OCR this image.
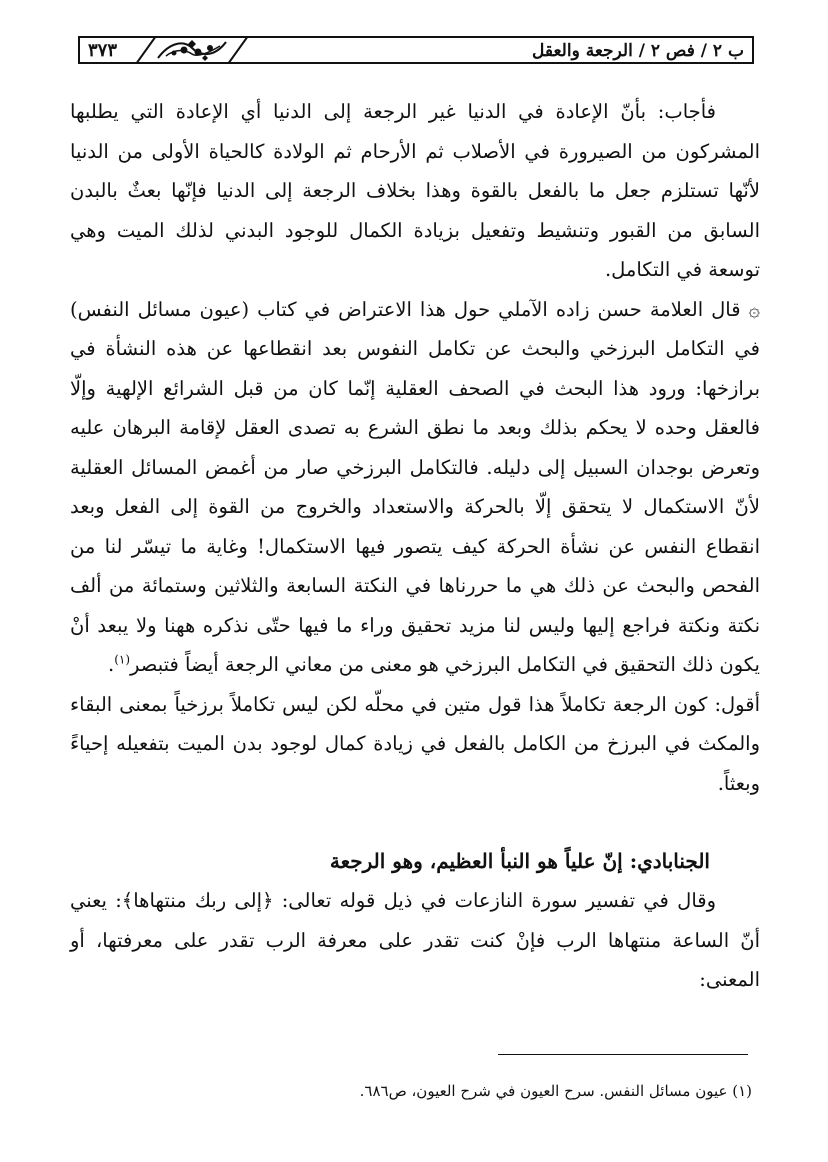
ب ٢ / فص ٢ / الرجعة والعقل
٣٧٣

فأجاب: بأنّ الإعادة في الدنيا غير الرجعة إلى الدنيا أي الإعادة التي يطلبها المشركون من الصيرورة في الأصلاب ثم الأرحام ثم الولادة كالحياة الأولى من الدنيا لأنّها تستلزم جعل ما بالفعل بالقوة وهذا بخلاف الرجعة إلى الدنيا فإنّها بعثٌ بالبدن السابق من القبور وتنشيط وتفعيل بزيادة الكمال للوجود البدني لذلك الميت وهي توسعة في التكامل.

۞ قال العلامة حسن زاده الآملي حول هذا الاعتراض في كتاب (عيون مسائل النفس) في التكامل البرزخي والبحث عن تكامل النفوس بعد انقطاعها عن هذه النشأة في برازخها: ورود هذا البحث في الصحف العقلية إنّما كان من قبل الشرائع الإلهية وإلّا فالعقل وحده لا يحكم بذلك وبعد ما نطق الشرع به تصدى العقل لإقامة البرهان عليه وتعرض بوجدان السبيل إلى دليله. فالتكامل البرزخي صار من أغمض المسائل العقلية لأنّ الاستكمال لا يتحقق إلّا بالحركة والاستعداد والخروج من القوة إلى الفعل وبعد انقطاع النفس عن نشأة الحركة كيف يتصور فيها الاستكمال! وغاية ما تيسّر لنا من الفحص والبحث عن ذلك هي ما حررناها في النكتة السابعة والثلاثين وستمائة من ألف نكتة ونكتة فراجع إليها وليس لنا مزيد تحقيق وراء ما فيها حتّى نذكره ههنا ولا يبعد أنْ يكون ذلك التحقيق في التكامل البرزخي هو معنى من معاني الرجعة أيضاً فتبصر$^{(١)}$.

أقول: كون الرجعة تكاملاً هذا قول متين في محلّه لكن ليس تكاملاً برزخياً بمعنى البقاء والمكث في البرزخ من الكامل بالفعل في زيادة كمال لوجود بدن الميت بتفعيله إحياءً وبعثاً.

الجنابادي: إنّ علياً هو النبأ العظيم، وهو الرجعة

وقال في تفسير سورة النازعات في ذيل قوله تعالى: ﴿إلى ربك منتهاها﴾: يعني أنّ الساعة منتهاها الرب فإنْ كنت تقدر على معرفة الرب تقدر على معرفتها، أو المعنى:

(١) عيون مسائل النفس. سرح العيون في شرح العيون، ص٦٨٦.
